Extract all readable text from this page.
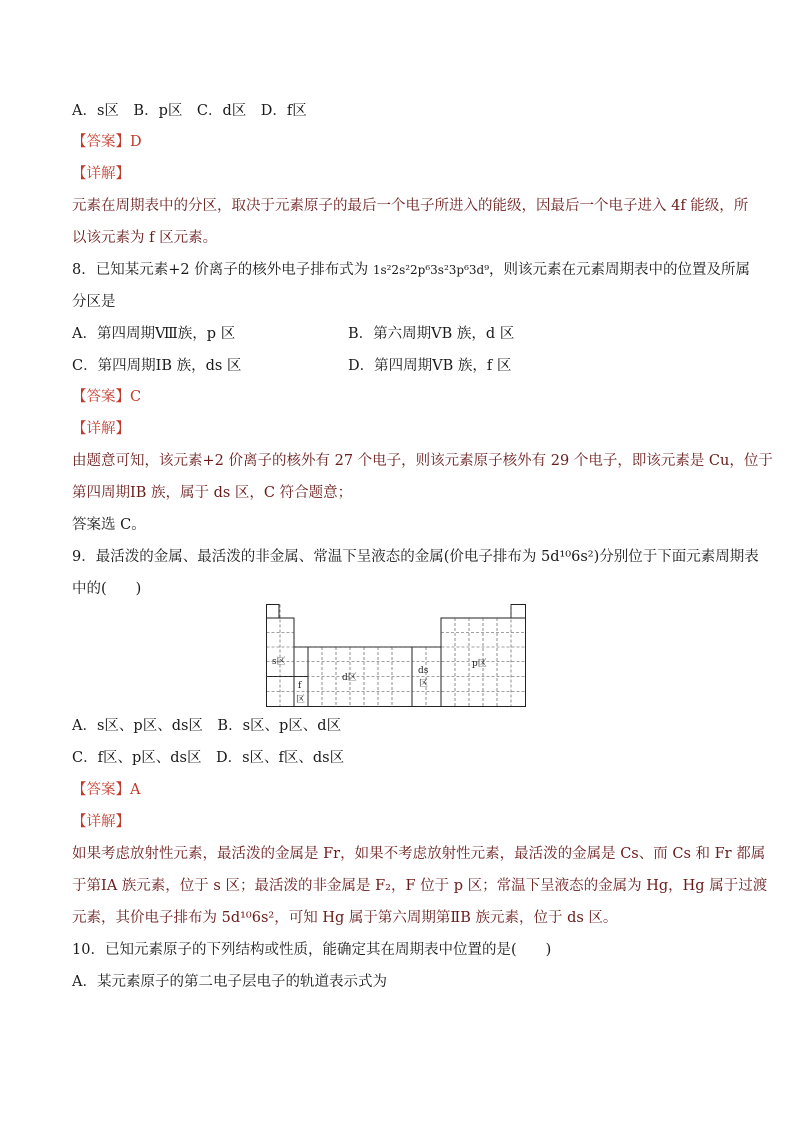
A．s区　B．p区　C．d区　D．f区
【答案】D
【详解】
元素在周期表中的分区，取决于元素原子的最后一个电子所进入的能级，因最后一个电子进入 4f 能级，所
以该元素为 f 区元素。
8．已知某元素+2 价离子的核外电子排布式为 1s²2s²2p⁶3s²3p⁶3d⁹，则该元素在元素周期表中的位置及所属
分区是
A．第四周期Ⅷ族，p 区	B．第六周期ⅤB 族，d 区
C．第四周期ⅠB 族，ds 区	D．第四周期ⅤB 族，f 区
【答案】C
【详解】
由题意可知，该元素+2 价离子的核外有 27 个电子，则该元素原子核外有 29 个电子，即该元素是 Cu，位于
第四周期ⅠB 族，属于 ds 区，C 符合题意；
答案选 C。
9．最活泼的金属、最活泼的非金属、常温下呈液态的金属(价电子排布为 5d¹⁰6s²)分别位于下面元素周期表
中的(　　)
s区
f
区
d区
ds
区
p区
A．s区、p区、ds区　B．s区、p区、d区
C．f区、p区、ds区　D．s区、f区、ds区
【答案】A
【详解】
如果考虑放射性元素，最活泼的金属是 Fr，如果不考虑放射性元素，最活泼的金属是 Cs、而 Cs 和 Fr 都属
于第ⅠA 族元素，位于 s 区；最活泼的非金属是 F₂，F 位于 p 区；常温下呈液态的金属为 Hg，Hg 属于过渡
元素，其价电子排布为 5d¹⁰6s²，可知 Hg 属于第六周期第ⅡB 族元素，位于 ds 区。
10．已知元素原子的下列结构或性质，能确定其在周期表中位置的是(　　)
A．某元素原子的第二电子层电子的轨道表示式为
